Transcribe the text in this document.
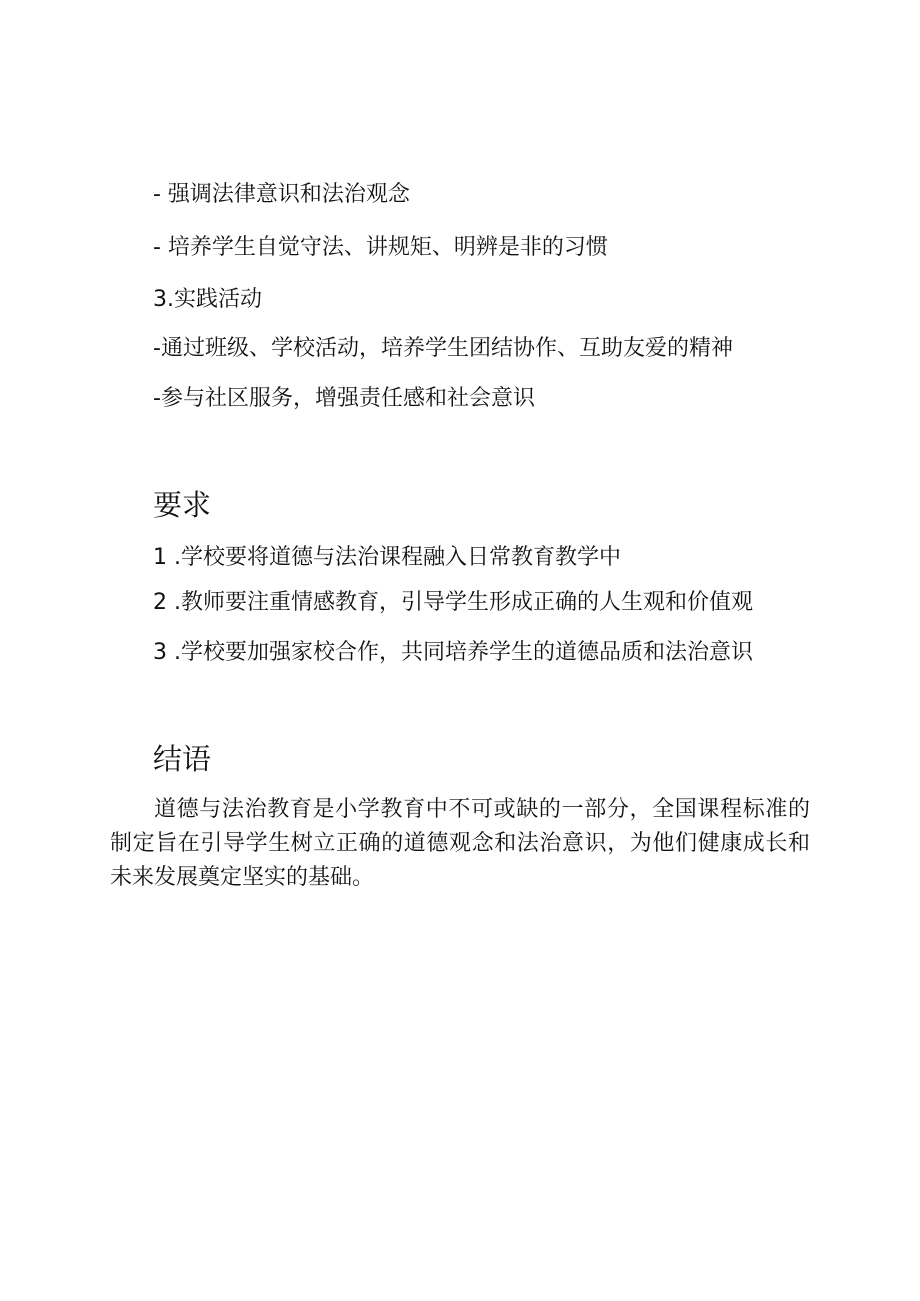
- 强调法律意识和法治观念
- 培养学生自觉守法、讲规矩、明辨是非的习惯
3.实践活动
-通过班级、学校活动，培养学生团结协作、互助友爱的精神
-参与社区服务，增强责任感和社会意识
要求
1 .学校要将道德与法治课程融入日常教育教学中
2 .教师要注重情感教育，引导学生形成正确的人生观和价值观
3 .学校要加强家校合作，共同培养学生的道德品质和法治意识
结语
道德与法治教育是小学教育中不可或缺的一部分，全国课程标准的制定旨在引导学生树立正确的道德观念和法治意识，为他们健康成长和未来发展奠定坚实的基础。
